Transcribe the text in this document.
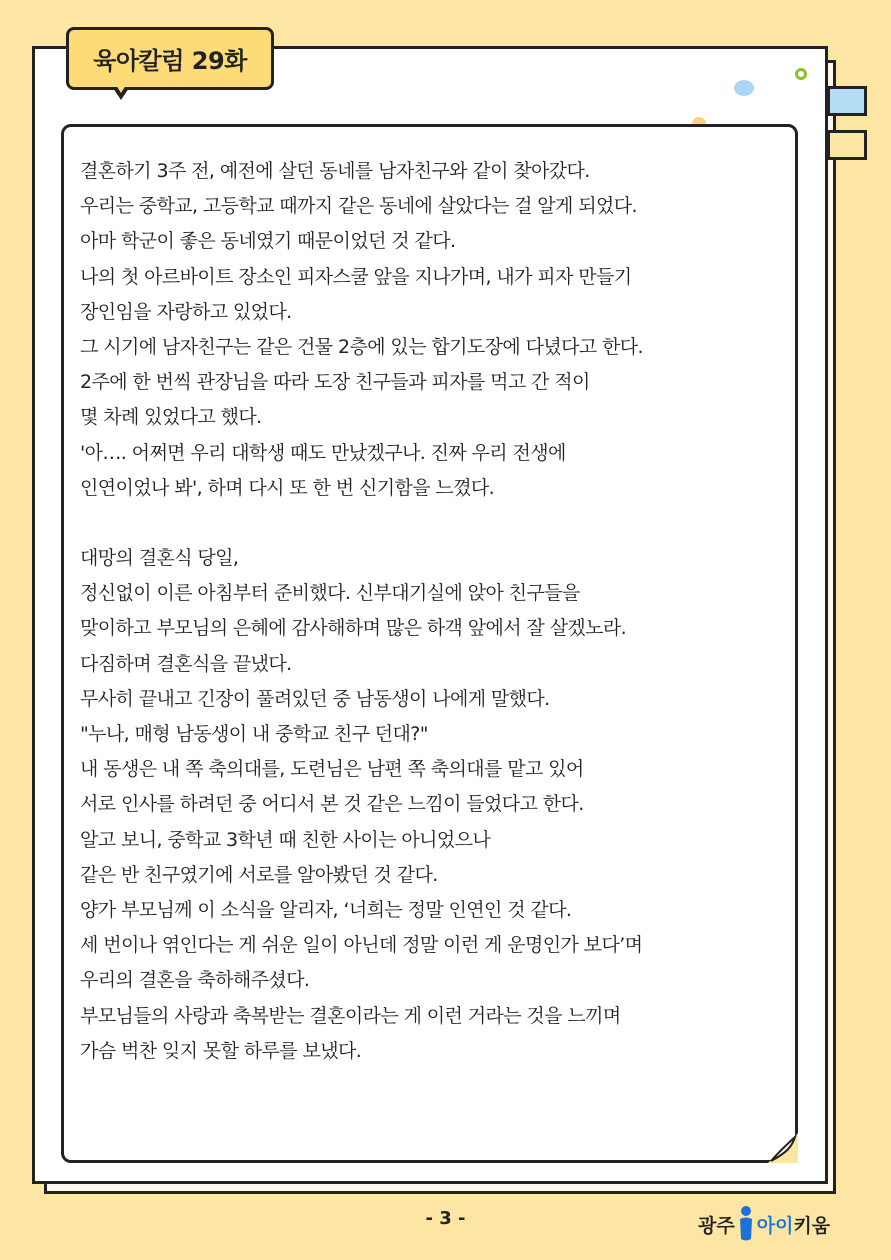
육아칼럼 29화
결혼하기 3주 전, 예전에 살던 동네를 남자친구와 같이 찾아갔다.
우리는 중학교, 고등학교 때까지 같은 동네에 살았다는 걸 알게 되었다.
아마 학군이 좋은 동네였기 때문이었던 것 같다.
나의 첫 아르바이트 장소인 피자스쿨 앞을 지나가며, 내가 피자 만들기
장인임을 자랑하고 있었다.
그 시기에 남자친구는 같은 건물 2층에 있는 합기도장에 다녔다고 한다.
2주에 한 번씩 관장님을 따라 도장 친구들과 피자를 먹고 간 적이
몇 차례 있었다고 했다.
'아…. 어쩌면 우리 대학생 때도 만났겠구나. 진짜 우리 전생에
인연이었나 봐', 하며 다시 또 한 번 신기함을 느꼈다.
대망의 결혼식 당일,
정신없이 이른 아침부터 준비했다. 신부대기실에 앉아 친구들을
맞이하고 부모님의 은혜에 감사해하며 많은 하객 앞에서 잘 살겠노라.
다짐하며 결혼식을 끝냈다.
무사히 끝내고 긴장이 풀려있던 중 남동생이 나에게 말했다.
"누나, 매형 남동생이 내 중학교 친구 던대?"
내 동생은 내 쪽 축의대를, 도련님은 남편 쪽 축의대를 맡고 있어
서로 인사를 하려던 중 어디서 본 것 같은 느낌이 들었다고 한다.
알고 보니, 중학교 3학년 때 친한 사이는 아니었으나
같은 반 친구였기에 서로를 알아봤던 것 같다.
양가 부모님께 이 소식을 알리자, ‘너희는 정말 인연인 것 같다.
세 번이나 엮인다는 게 쉬운 일이 아닌데 정말 이런 게 운명인가 보다’며
우리의 결혼을 축하해주셨다.
부모님들의 사랑과 축복받는 결혼이라는 게 이런 거라는 것을 느끼며
가슴 벅찬 잊지 못할 하루를 보냈다.
- 3 -	광주 아이 키움
